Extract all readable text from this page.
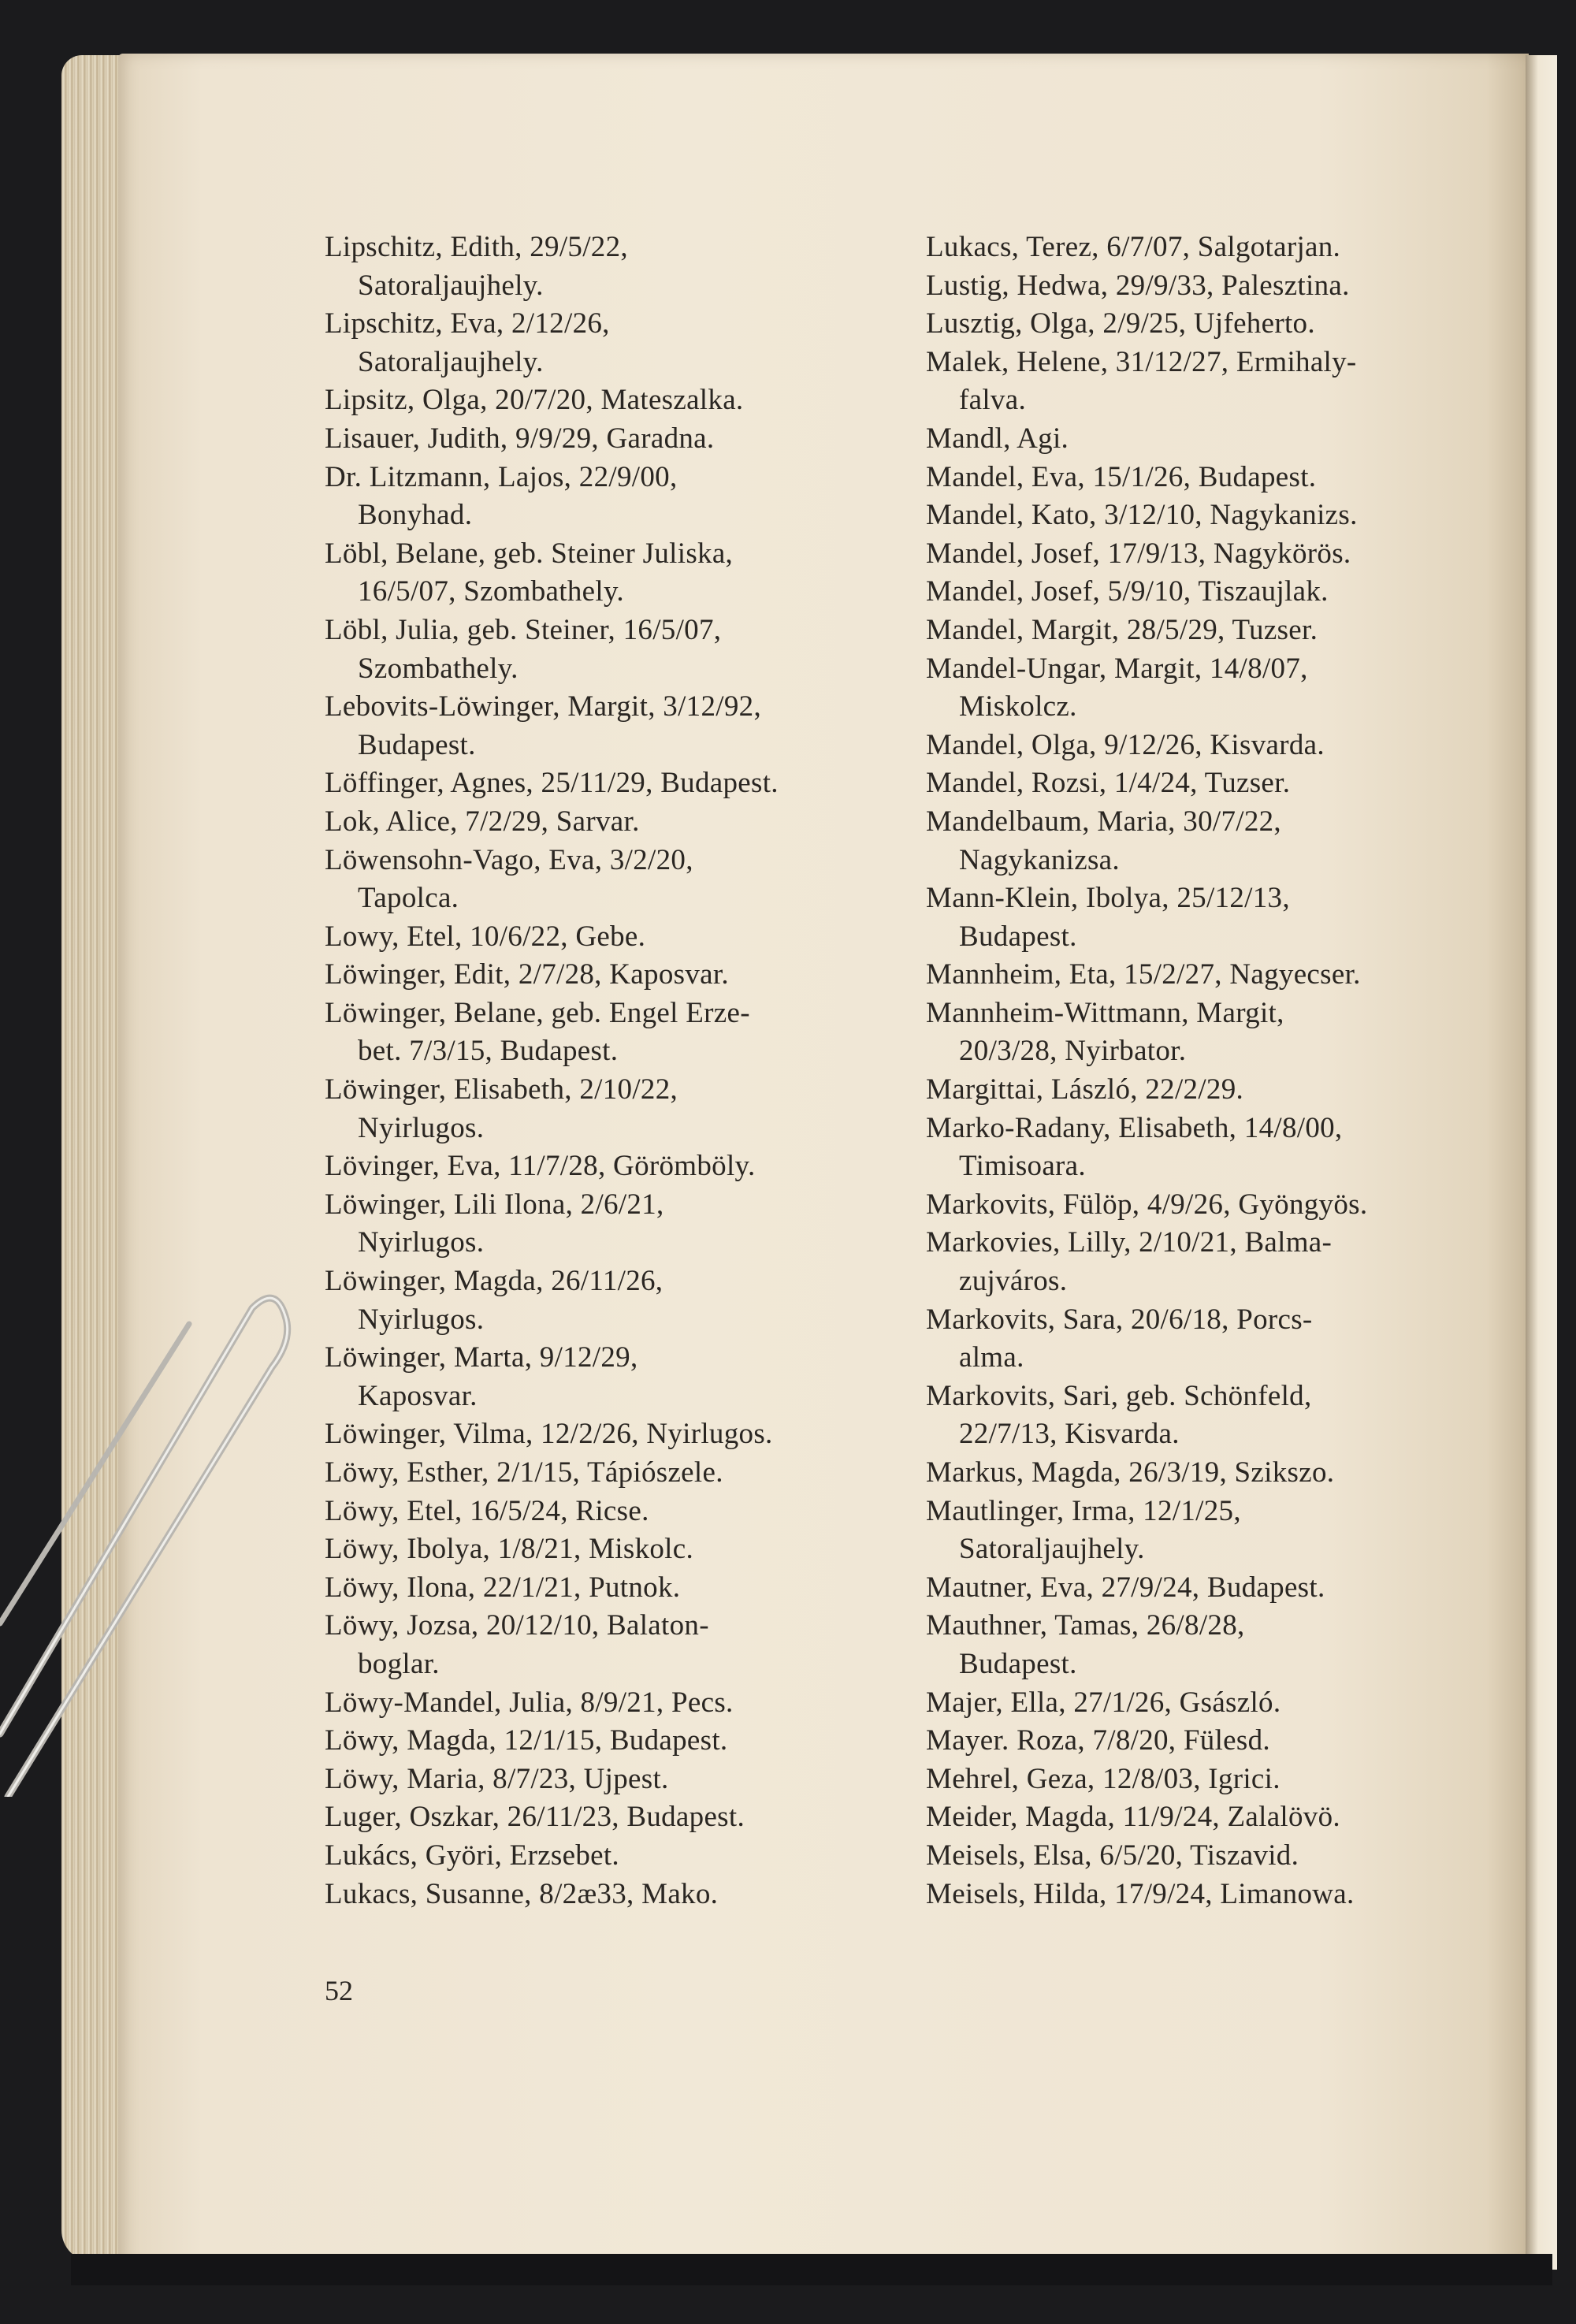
Lipschitz, Edith, 29/5/22,
Satoraljaujhely.

Lipschitz, Eva, 2/12/26,
Satoraljaujhely.

Lipsitz, Olga, 20/7/20, Mateszalka.

Lisauer, Judith, 9/9/29, Garadna.

Dr. Litzmann, Lajos, 22/9/00,
Bonyhad.

Löbl, Belane, geb. Steiner Juliska,
16/5/07, Szombathely.

Löbl, Julia, geb. Steiner, 16/5/07,
Szombathely.

Lebovits-Löwinger, Margit, 3/12/92,
Budapest.

Löffinger, Agnes, 25/11/29, Budapest.

Lok, Alice, 7/2/29, Sarvar.

Löwensohn-Vago, Eva, 3/2/20,
Tapolca.

Lowy, Etel, 10/6/22, Gebe.

Löwinger, Edit, 2/7/28, Kaposvar.

Löwinger, Belane, geb. Engel Erze-
bet. 7/3/15, Budapest.

Löwinger, Elisabeth, 2/10/22,
Nyirlugos.

Lövinger, Eva, 11/7/28, Görömböly.

Löwinger, Lili Ilona, 2/6/21,
Nyirlugos.

Löwinger, Magda, 26/11/26,
Nyirlugos.

Löwinger, Marta, 9/12/29,
Kaposvar.

Löwinger, Vilma, 12/2/26, Nyirlugos.

Löwy, Esther, 2/1/15, Tápiószele.

Löwy, Etel, 16/5/24, Ricse.

Löwy, Ibolya, 1/8/21, Miskolc.

Löwy, Ilona, 22/1/21, Putnok.

Löwy, Jozsa, 20/12/10, Balaton-
boglar.

Löwy-Mandel, Julia, 8/9/21, Pecs.

Löwy, Magda, 12/1/15, Budapest.

Löwy, Maria, 8/7/23, Ujpest.

Luger, Oszkar, 26/11/23, Budapest.

Lukács, Györi, Erzsebet.

Lukacs, Susanne, 8/2æ33, Mako.

Lukacs, Terez, 6/7/07, Salgotarjan.

Lustig, Hedwa, 29/9/33, Palesztina.

Lusztig, Olga, 2/9/25, Ujfeherto.

Malek, Helene, 31/12/27, Ermihaly-
falva.

Mandl, Agi.

Mandel, Eva, 15/1/26, Budapest.

Mandel, Kato, 3/12/10, Nagykanizs.

Mandel, Josef, 17/9/13, Nagykörös.

Mandel, Josef, 5/9/10, Tiszaujlak.

Mandel, Margit, 28/5/29, Tuzser.

Mandel-Ungar, Margit, 14/8/07,
Miskolcz.

Mandel, Olga, 9/12/26, Kisvarda.

Mandel, Rozsi, 1/4/24, Tuzser.

Mandelbaum, Maria, 30/7/22,
Nagykanizsa.

Mann-Klein, Ibolya, 25/12/13,
Budapest.

Mannheim, Eta, 15/2/27, Nagyecser.

Mannheim-Wittmann, Margit,
20/3/28, Nyirbator.

Margittai, László, 22/2/29.

Marko-Radany, Elisabeth, 14/8/00,
Timisoara.

Markovits, Fülöp, 4/9/26, Gyöngyös.

Markovies, Lilly, 2/10/21, Balma-
zujváros.

Markovits, Sara, 20/6/18, Porcs-
alma.

Markovits, Sari, geb. Schönfeld,
22/7/13, Kisvarda.

Markus, Magda, 26/3/19, Szikszo.

Mautlinger, Irma, 12/1/25,
Satoraljaujhely.

Mautner, Eva, 27/9/24, Budapest.

Mauthner, Tamas, 26/8/28,
Budapest.

Majer, Ella, 27/1/26, Gsászló.

Mayer. Roza, 7/8/20, Fülesd.

Mehrel, Geza, 12/8/03, Igrici.

Meider, Magda, 11/9/24, Zalalövö.

Meisels, Elsa, 6/5/20, Tiszavid.

Meisels, Hilda, 17/9/24, Limanowa.

52
